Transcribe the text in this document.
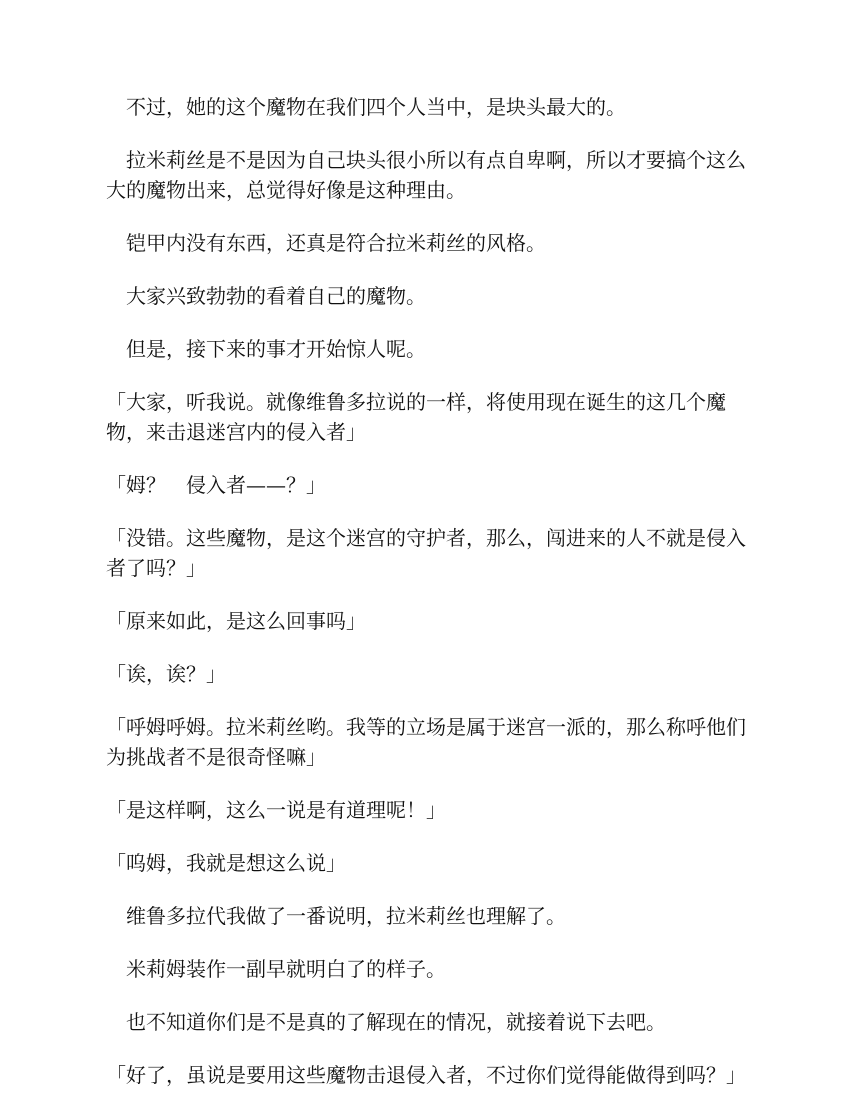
不过，她的这个魔物在我们四个人当中，是块头最大的。

拉米莉丝是不是因为自己块头很小所以有点自卑啊，所以才要搞个这么大的魔物出来，总觉得好像是这种理由。

铠甲内没有东西，还真是符合拉米莉丝的风格。

大家兴致勃勃的看着自己的魔物。

但是，接下来的事才开始惊人呢。

「大家，听我说。就像维鲁多拉说的一样，将使用现在诞生的这几个魔物，来击退迷宫内的侵入者」

「姆？　侵入者——？」

「没错。这些魔物，是这个迷宫的守护者，那么，闯进来的人不就是侵入者了吗？」

「原来如此，是这么回事吗」

「诶，诶？」

「呼姆呼姆。拉米莉丝哟。我等的立场是属于迷宫一派的，那么称呼他们为挑战者不是很奇怪嘛」

「是这样啊，这么一说是有道理呢！」

「呜姆，我就是想这么说」

维鲁多拉代我做了一番说明，拉米莉丝也理解了。

米莉姆装作一副早就明白了的样子。

也不知道你们是不是真的了解现在的情况，就接着说下去吧。

「好了，虽说是要用这些魔物击退侵入者，不过你们觉得能做得到吗？」
